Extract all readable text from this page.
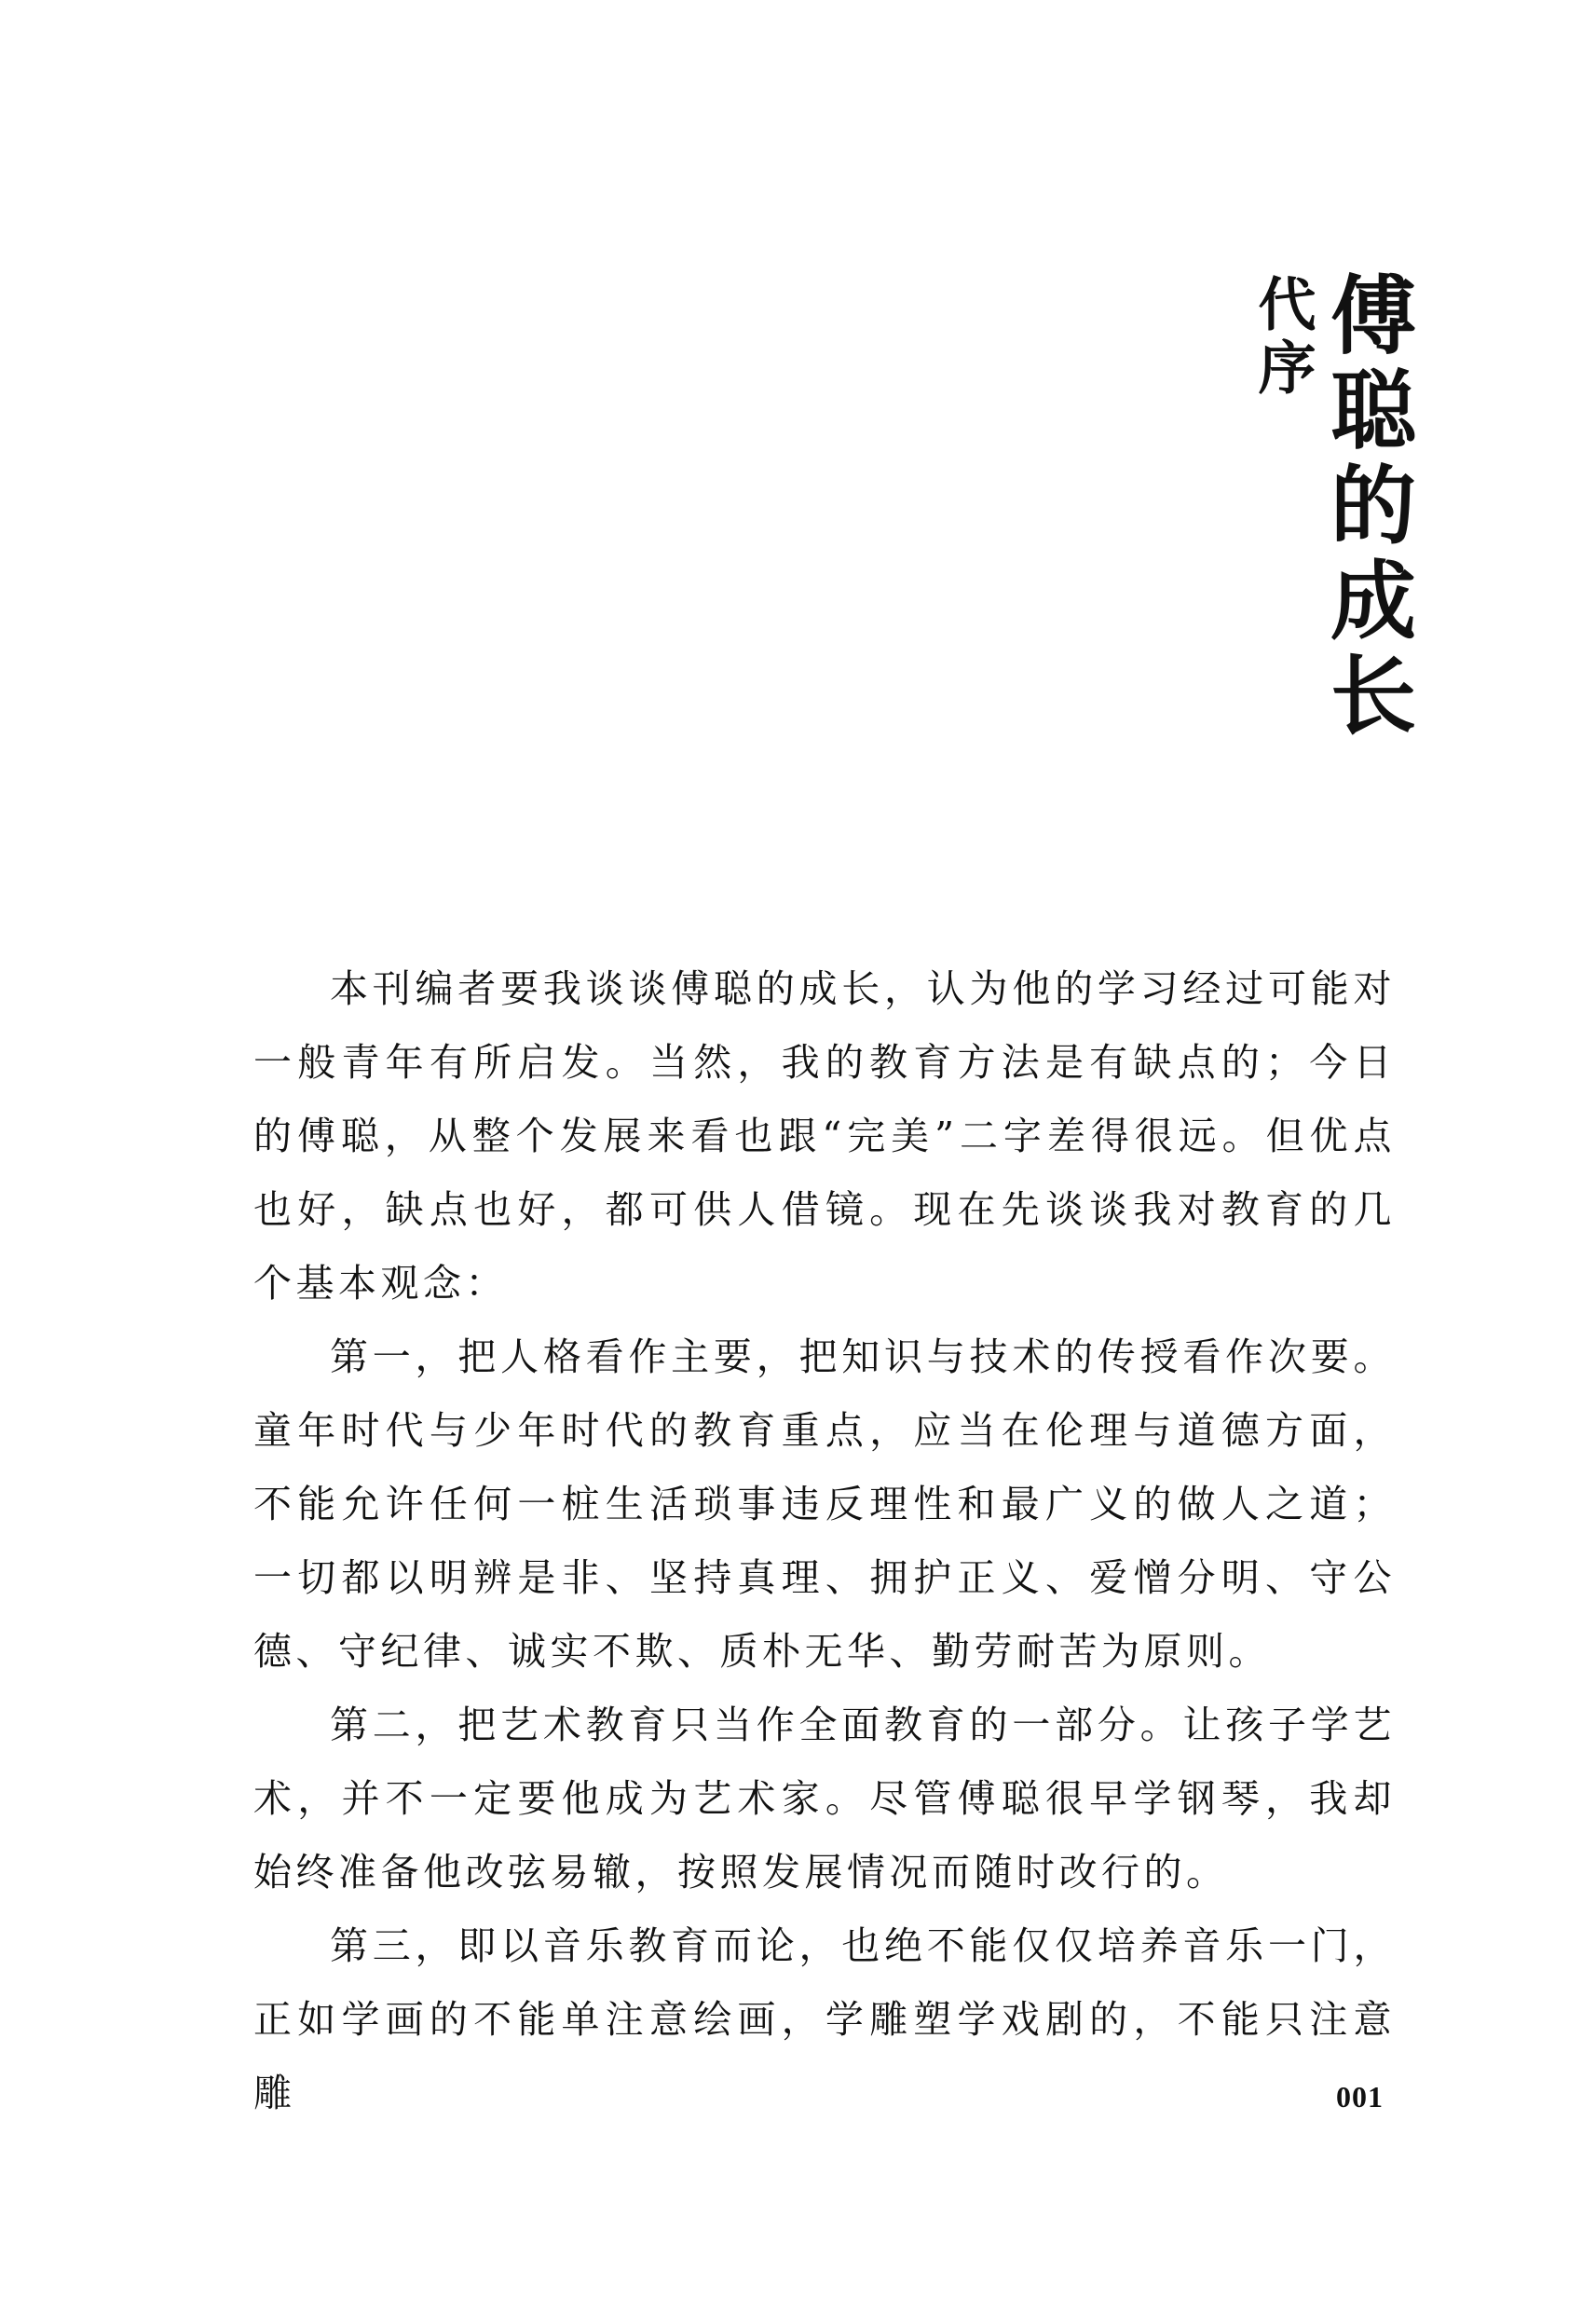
代序 傅聪的成长

本刊编者要我谈谈傅聪的成长，认为他的学习经过可能对一般青年有所启发。当然，我的教育方法是有缺点的；今日的傅聪，从整个发展来看也跟“完美”二字差得很远。但优点也好，缺点也好，都可供人借镜。现在先谈谈我对教育的几个基本观念：

第一，把人格看作主要，把知识与技术的传授看作次要。童年时代与少年时代的教育重点，应当在伦理与道德方面，不能允许任何一桩生活琐事违反理性和最广义的做人之道；一切都以明辨是非、坚持真理、拥护正义、爱憎分明、守公德、守纪律、诚实不欺、质朴无华、勤劳耐苦为原则。

第二，把艺术教育只当作全面教育的一部分。让孩子学艺术，并不一定要他成为艺术家。尽管傅聪很早学钢琴，我却始终准备他改弦易辙，按照发展情况而随时改行的。

第三，即以音乐教育而论，也绝不能仅仅培养音乐一门，正如学画的不能单注意绘画，学雕塑学戏剧的，不能只注意雕	001
